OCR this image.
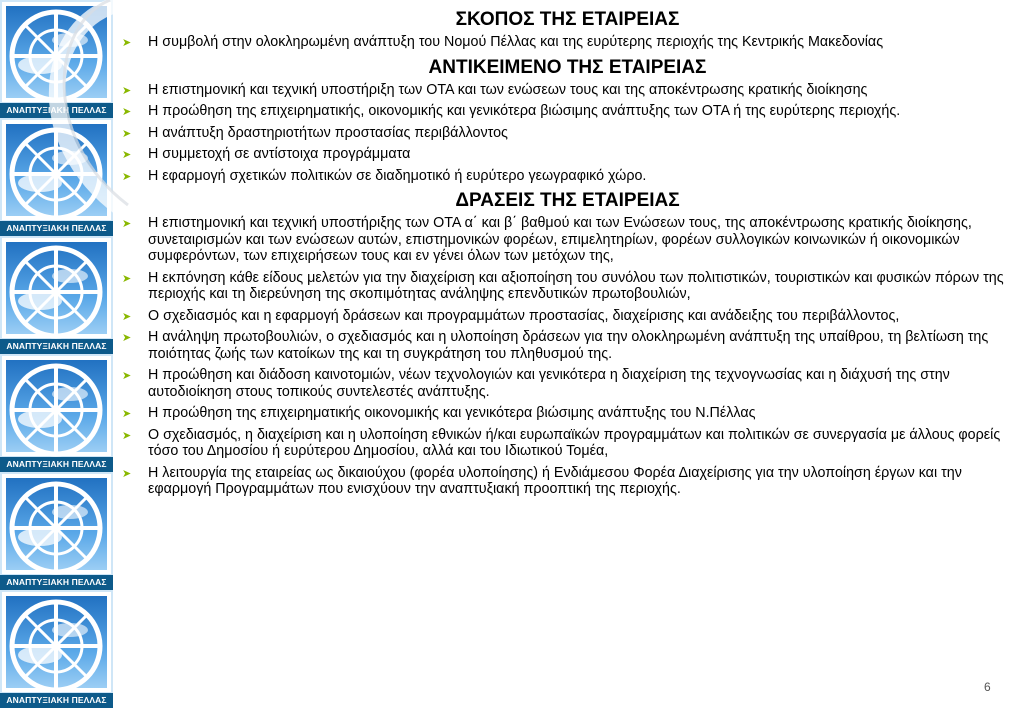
ΑΝΑΠΤΥΞΙΑΚΗ ΠΕΛΛΑΣ
ΑΝΑΠΤΥΞΙΑΚΗ ΠΕΛΛΑΣ
ΑΝΑΠΤΥΞΙΑΚΗ ΠΕΛΛΑΣ
ΑΝΑΠΤΥΞΙΑΚΗ ΠΕΛΛΑΣ
ΑΝΑΠΤΥΞΙΑΚΗ ΠΕΛΛΑΣ
ΑΝΑΠΤΥΞΙΑΚΗ ΠΕΛΛΑΣ
ΣΚΟΠΟΣ ΤΗΣ ΕΤΑΙΡΕΙΑΣ
➤ Η συμβολή στην ολοκληρωμένη ανάπτυξη του Νομού Πέλλας και της ευρύτερης περιοχής της Κεντρικής Μακεδονίας
ΑΝΤΙΚΕΙΜΕΝΟ ΤΗΣ ΕΤΑΙΡΕΙΑΣ
➤ Η επιστημονική και τεχνική υποστήριξη των ΟΤΑ και των ενώσεων τους και της αποκέντρωσης κρατικής διοίκησης
➤ Η προώθηση της επιχειρηματικής, οικονομικής και γενικότερα βιώσιμης ανάπτυξης των ΟΤΑ ή της ευρύτερης περιοχής.
➤ Η ανάπτυξη δραστηριοτήτων προστασίας περιβάλλοντος
➤ Η συμμετοχή σε αντίστοιχα προγράμματα
➤ Η εφαρμογή σχετικών πολιτικών σε διαδημοτικό ή ευρύτερο γεωγραφικό χώρο.
ΔΡΑΣΕΙΣ ΤΗΣ ΕΤΑΙΡΕΙΑΣ
➤ Η επιστημονική και τεχνική υποστήριξης των ΟΤΑ α΄ και β΄ βαθμού και των Ενώσεων τους, της αποκέντρωσης κρατικής διοίκησης, συνεταιρισμών και των ενώσεων αυτών, επιστημονικών φορέων, επιμελητηρίων, φορέων συλλογικών κοινωνικών ή οικονομικών συμφερόντων, των επιχειρήσεων τους και εν γένει όλων των μετόχων της,
➤ Η εκπόνηση κάθε είδους μελετών για την διαχείριση και αξιοποίηση του συνόλου των πολιτιστικών, τουριστικών και φυσικών πόρων της περιοχής και τη διερεύνηση της σκοπιμότητας ανάληψης επενδυτικών πρωτοβουλιών,
➤ Ο σχεδιασμός και η εφαρμογή δράσεων και προγραμμάτων προστασίας, διαχείρισης και ανάδειξης του περιβάλλοντος,
➤ Η ανάληψη πρωτοβουλιών, ο σχεδιασμός και η υλοποίηση δράσεων για την ολοκληρωμένη ανάπτυξη της υπαίθρου, τη βελτίωση της ποιότητας ζωής των κατοίκων της και τη συγκράτηση του πληθυσμού της.
➤ Η προώθηση και διάδοση καινοτομιών, νέων τεχνολογιών και γενικότερα η διαχείριση της τεχνογνωσίας και η διάχυσή της στην αυτοδιοίκηση στους τοπικούς συντελεστές ανάπτυξης.
➤ Η προώθηση της επιχειρηματικής οικονομικής και γενικότερα βιώσιμης ανάπτυξης του Ν.Πέλλας
➤ Ο σχεδιασμός, η διαχείριση και η υλοποίηση εθνικών ή/και ευρωπαϊκών προγραμμάτων και πολιτικών σε συνεργασία με άλλους φορείς τόσο του Δημοσίου ή ευρύτερου Δημοσίου, αλλά και του Ιδιωτικού Τομέα,
➤ Η λειτουργία της εταιρείας ως δικαιούχου (φορέα υλοποίησης) ή Ενδιάμεσου Φορέα Διαχείρισης για την υλοποίηση έργων και την εφαρμογή Προγραμμάτων που ενισχύουν την αναπτυξιακή προοπτική της περιοχής.
6
